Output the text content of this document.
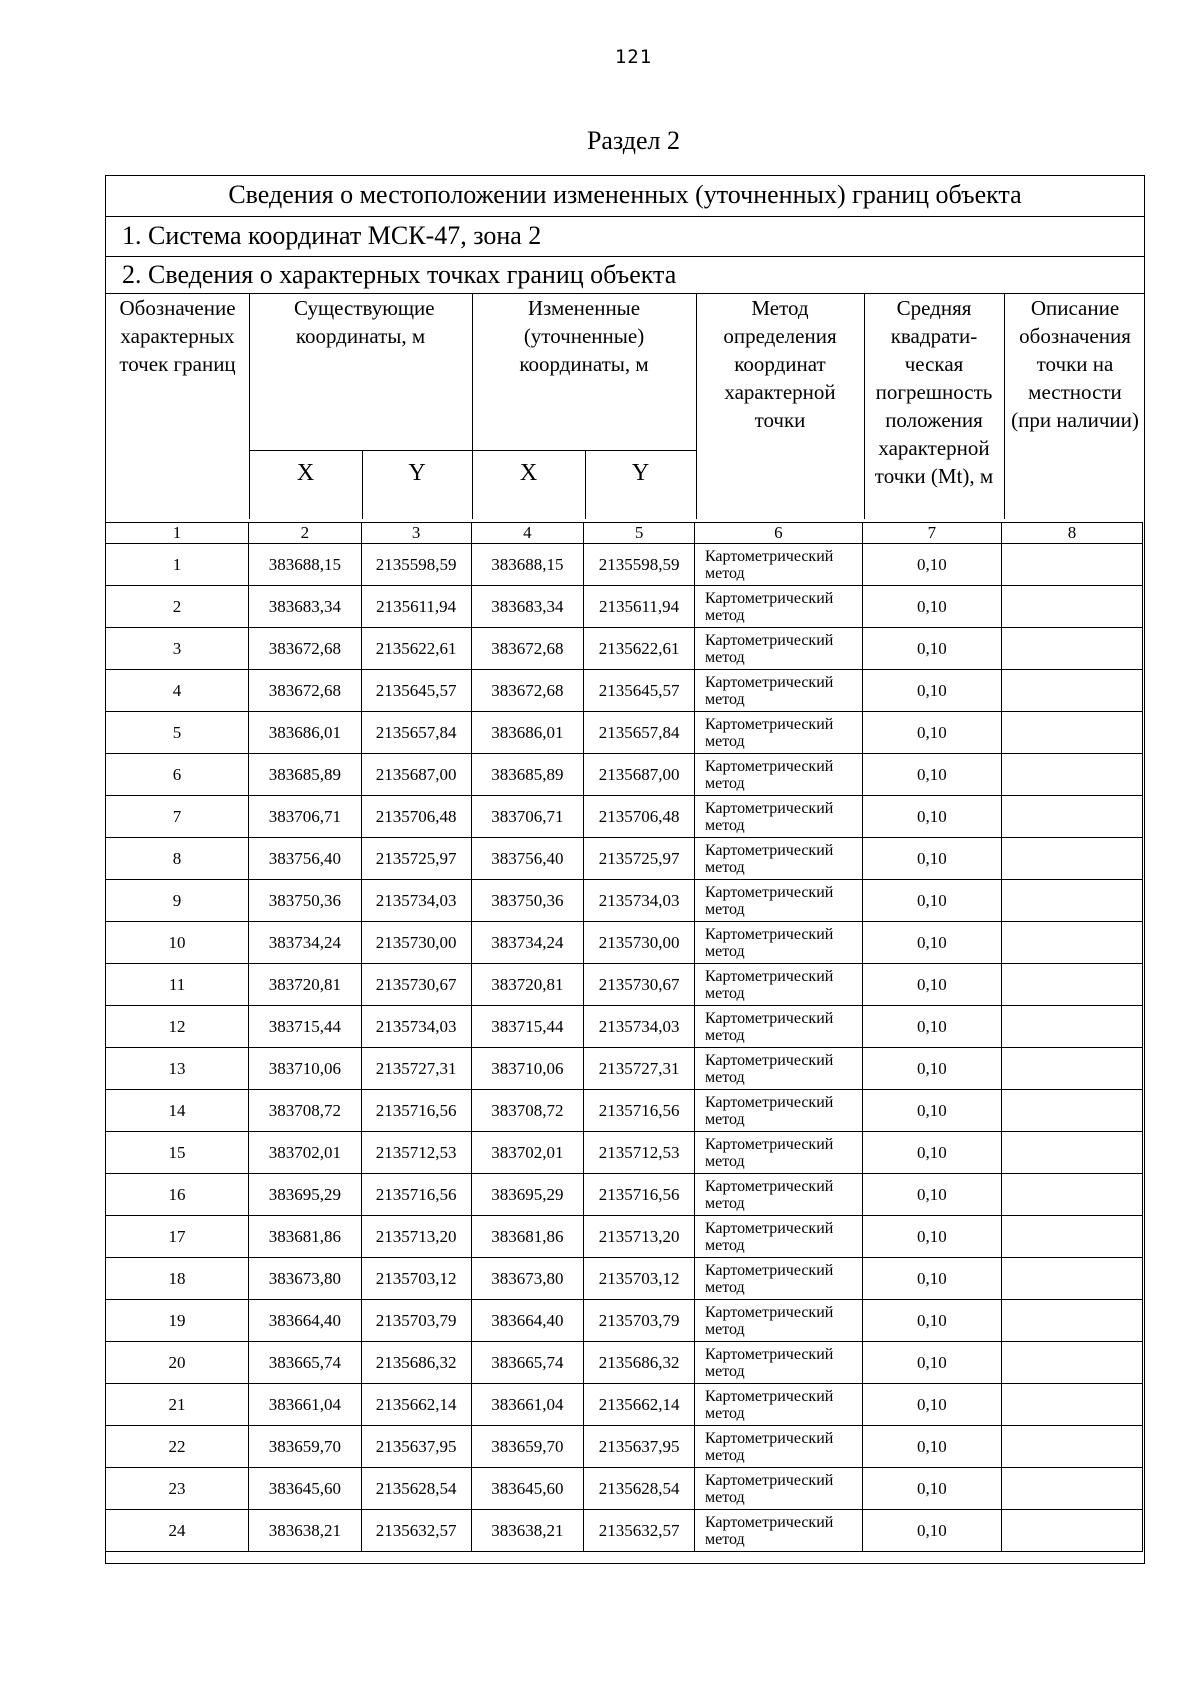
121
Раздел 2
Сведения о местоположении измененных (уточненных) границ объекта
1. Система координат МСК-47, зона 2
2. Сведения о характерных точках границ объекта
Обозначение характерных точек границ
Существующие координаты, м
Измененные (уточненные) координаты, м
Метод определения координат характерной точки
Средняя квадрати-ческая погрешность положения характерной точки (Mt), м
Описание обозначения точки на местности (при наличии)
X	Y	X	Y
1	2	3	4	5	6	7	8
1	383688,15	2135598,59	383688,15	2135598,59	Картометрический метод	0,10	
2	383683,34	2135611,94	383683,34	2135611,94	Картометрический метод	0,10	
3	383672,68	2135622,61	383672,68	2135622,61	Картометрический метод	0,10	
4	383672,68	2135645,57	383672,68	2135645,57	Картометрический метод	0,10	
5	383686,01	2135657,84	383686,01	2135657,84	Картометрический метод	0,10	
6	383685,89	2135687,00	383685,89	2135687,00	Картометрический метод	0,10	
7	383706,71	2135706,48	383706,71	2135706,48	Картометрический метод	0,10	
8	383756,40	2135725,97	383756,40	2135725,97	Картометрический метод	0,10	
9	383750,36	2135734,03	383750,36	2135734,03	Картометрический метод	0,10	
10	383734,24	2135730,00	383734,24	2135730,00	Картометрический метод	0,10	
11	383720,81	2135730,67	383720,81	2135730,67	Картометрический метод	0,10	
12	383715,44	2135734,03	383715,44	2135734,03	Картометрический метод	0,10	
13	383710,06	2135727,31	383710,06	2135727,31	Картометрический метод	0,10	
14	383708,72	2135716,56	383708,72	2135716,56	Картометрический метод	0,10	
15	383702,01	2135712,53	383702,01	2135712,53	Картометрический метод	0,10	
16	383695,29	2135716,56	383695,29	2135716,56	Картометрический метод	0,10	
17	383681,86	2135713,20	383681,86	2135713,20	Картометрический метод	0,10	
18	383673,80	2135703,12	383673,80	2135703,12	Картометрический метод	0,10	
19	383664,40	2135703,79	383664,40	2135703,79	Картометрический метод	0,10	
20	383665,74	2135686,32	383665,74	2135686,32	Картометрический метод	0,10	
21	383661,04	2135662,14	383661,04	2135662,14	Картометрический метод	0,10	
22	383659,70	2135637,95	383659,70	2135637,95	Картометрический метод	0,10	
23	383645,60	2135628,54	383645,60	2135628,54	Картометрический метод	0,10	
24	383638,21	2135632,57	383638,21	2135632,57	Картометрический метод	0,10	
